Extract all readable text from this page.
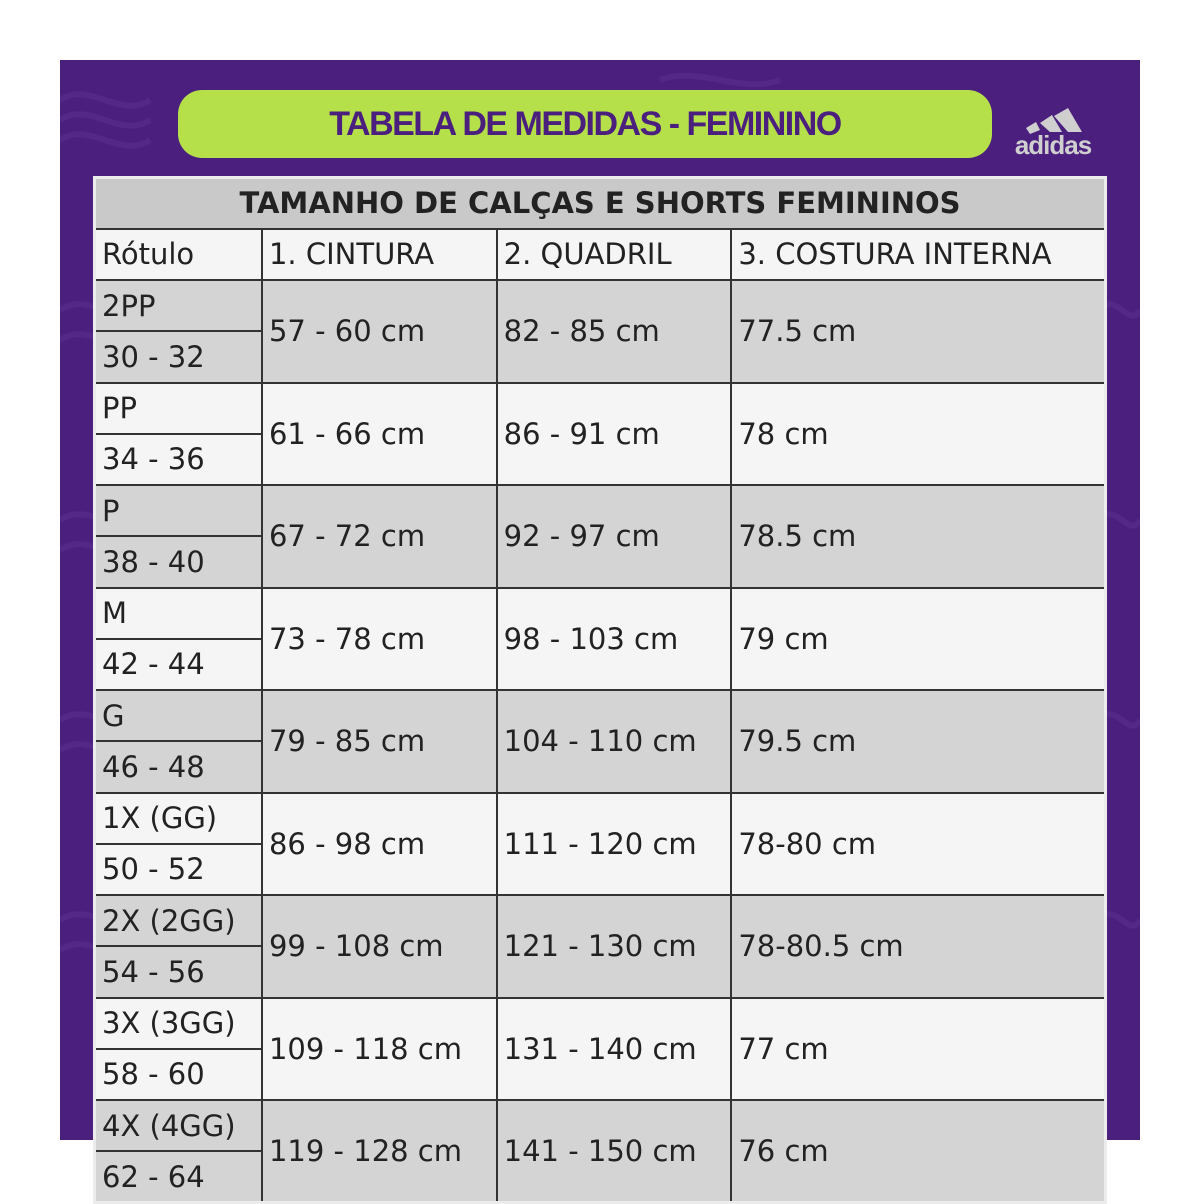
TABELA DE MEDIDAS - FEMININO
adidas
TAMANHO DE CALÇAS E SHORTS FEMININOS			
Rótulo	1. CINTURA	2. QUADRIL	3. COSTURA INTERNA
2PP	57 - 60 cm	82 - 85 cm	77.5 cm
30 - 32			
PP	61 - 66 cm	86 - 91 cm	78 cm
34 - 36			
P	67 - 72 cm	92 - 97 cm	78.5 cm
38 - 40			
M	73 - 78 cm	98 - 103 cm	79 cm
42 - 44			
G	79 - 85 cm	104 - 110 cm	79.5 cm
46 - 48			
1X (GG)	86 - 98 cm	111 - 120 cm	78-80 cm
50 - 52			
2X (2GG)	99 - 108 cm	121 - 130 cm	78-80.5 cm
54 - 56			
3X (3GG)	109 - 118 cm	131 - 140 cm	77 cm
58 - 60			
4X (4GG)	119 - 128 cm	141 - 150 cm	76 cm
62 - 64			
